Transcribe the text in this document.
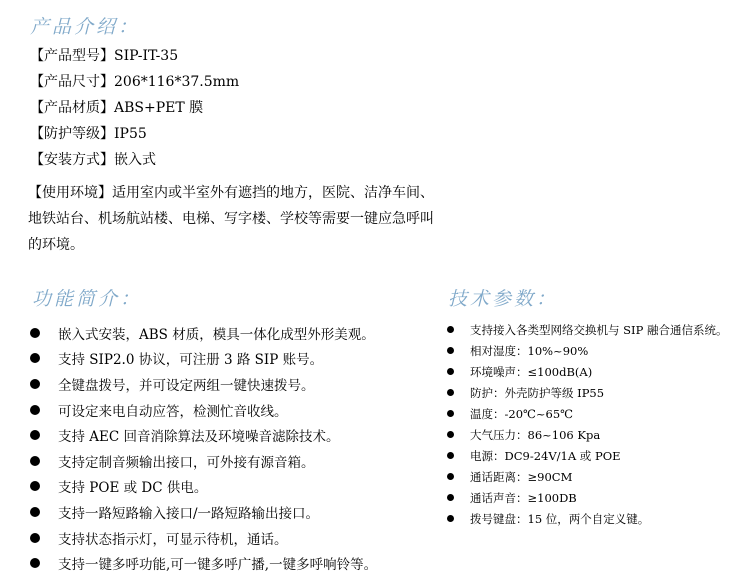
产品介绍：
【产品型号】SIP-IT-35
【产品尺寸】206*116*37.5mm
【产品材质】ABS+PET 膜
【防护等级】IP55
【安装方式】嵌入式
【使用环境】适用室内或半室外有遮挡的地方，医院、洁净车间、
地铁站台、机场航站楼、电梯、写字楼、学校等需要一键应急呼叫
的环境。
功能简介：	技术参数：
嵌入式安装，ABS 材质，模具一体化成型外形美观。
支持 SIP2.0 协议，可注册 3 路 SIP 账号。
全键盘拨号，并可设定两组一键快速拨号。
可设定来电自动应答，检测忙音收线。
支持 AEC 回音消除算法及环境噪音滤除技术。
支持定制音频输出接口，可外接有源音箱。
支持 POE 或 DC 供电。
支持一路短路输入接口/一路短路输出接口。
支持状态指示灯，可显示待机，通话。
支持一键多呼功能,可一键多呼广播,一键多呼响铃等。
支持接入各类型网络交换机与 SIP 融合通信系统。
相对湿度：10%~90%
环境噪声：≤100dB(A)
防护：外壳防护等级 IP55
温度：-20℃~65℃
大气压力：86~106 Kpa
电源：DC9-24V/1A 或 POE
通话距离：≥90CM
通话声音：≥100DB
拨号键盘：15 位，两个自定义键。
